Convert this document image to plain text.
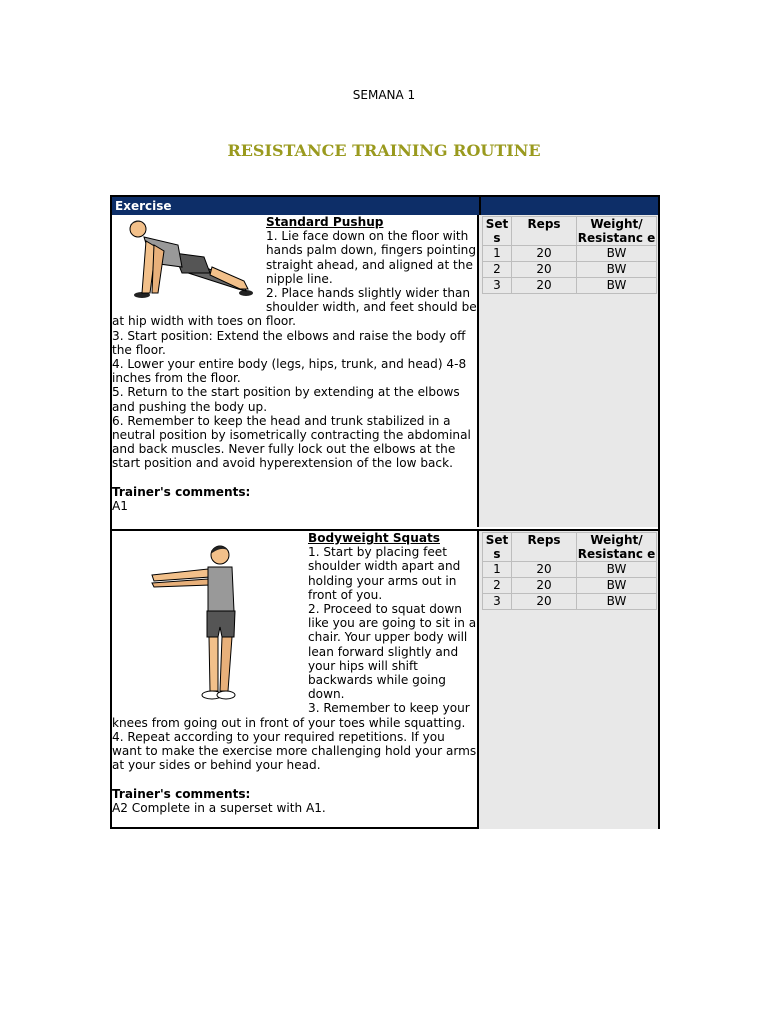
SEMANA 1
RESISTANCE TRAINING ROUTINE
Exercise
Standard Pushup
1. Lie face down on the floor with hands palm down, fingers pointing straight ahead, and aligned at the nipple line.
2. Place hands slightly wider than shoulder width, and feet should be at hip width with toes on floor.
3. Start position: Extend the elbows and raise the body off the floor.
4. Lower your entire body (legs, hips, trunk, and head) 4-8 inches from the floor.
5. Return to the start position by extending at the elbows and pushing the body up.
6. Remember to keep the head and trunk stabilized in a neutral position by isometrically contracting the abdominal and back muscles. Never fully lock out the elbows at the start position and avoid hyperextension of the low back.

Trainer's comments:
A1
Set s	Reps	Weight/ Resistanc e
1	20	BW
2	20	BW
3	20	BW
Bodyweight Squats
1. Start by placing feet shoulder width apart and holding your arms out in front of you.
2. Proceed to squat down like you are going to sit in a chair. Your upper body will lean forward slightly and your hips will shift backwards while going down.
3. Remember to keep your knees from going out in front of your toes while squatting.
4. Repeat according to your required repetitions. If you want to make the exercise more challenging hold your arms at your sides or behind your head.

Trainer's comments:
A2 Complete in a superset with A1.
Set s	Reps	Weight/ Resistanc e
1	20	BW
2	20	BW
3	20	BW
